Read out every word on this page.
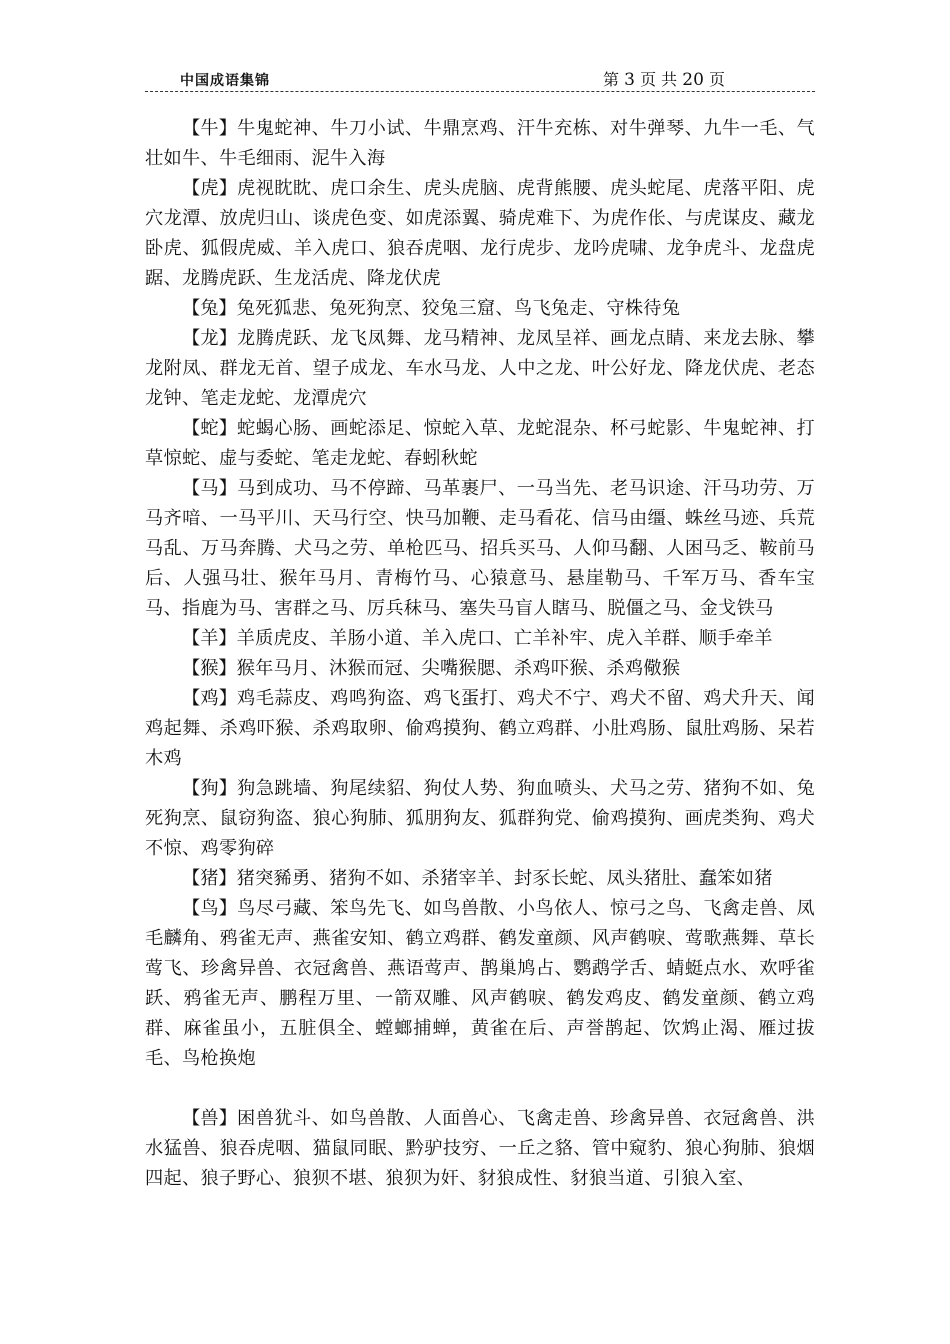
中国成语集锦	第 3 页 共 20 页

【牛】牛鬼蛇神、牛刀小试、牛鼎烹鸡、汗牛充栋、对牛弹琴、九牛一毛、气壮如牛、牛毛细雨、泥牛入海

【虎】虎视眈眈、虎口余生、虎头虎脑、虎背熊腰、虎头蛇尾、虎落平阳、虎穴龙潭、放虎归山、谈虎色变、如虎添翼、骑虎难下、为虎作伥、与虎谋皮、藏龙卧虎、狐假虎威、羊入虎口、狼吞虎咽、龙行虎步、龙吟虎啸、龙争虎斗、龙盘虎踞、龙腾虎跃、生龙活虎、降龙伏虎

【兔】兔死狐悲、兔死狗烹、狡兔三窟、鸟飞兔走、守株待兔

【龙】龙腾虎跃、龙飞凤舞、龙马精神、龙凤呈祥、画龙点睛、来龙去脉、攀龙附凤、群龙无首、望子成龙、车水马龙、人中之龙、叶公好龙、降龙伏虎、老态龙钟、笔走龙蛇、龙潭虎穴

【蛇】蛇蝎心肠、画蛇添足、惊蛇入草、龙蛇混杂、杯弓蛇影、牛鬼蛇神、打草惊蛇、虚与委蛇、笔走龙蛇、春蚓秋蛇

【马】马到成功、马不停蹄、马革裹尸、一马当先、老马识途、汗马功劳、万马齐喑、一马平川、天马行空、快马加鞭、走马看花、信马由缰、蛛丝马迹、兵荒马乱、万马奔腾、犬马之劳、单枪匹马、招兵买马、人仰马翻、人困马乏、鞍前马后、人强马壮、猴年马月、青梅竹马、心猿意马、悬崖勒马、千军万马、香车宝马、指鹿为马、害群之马、厉兵秣马、塞失马盲人瞎马、脱僵之马、金戈铁马

【羊】羊质虎皮、羊肠小道、羊入虎口、亡羊补牢、虎入羊群、顺手牵羊

【猴】猴年马月、沐猴而冠、尖嘴猴腮、杀鸡吓猴、杀鸡儆猴

【鸡】鸡毛蒜皮、鸡鸣狗盗、鸡飞蛋打、鸡犬不宁、鸡犬不留、鸡犬升天、闻鸡起舞、杀鸡吓猴、杀鸡取卵、偷鸡摸狗、鹤立鸡群、小肚鸡肠、鼠肚鸡肠、呆若木鸡

【狗】狗急跳墙、狗尾续貂、狗仗人势、狗血喷头、犬马之劳、猪狗不如、兔死狗烹、鼠窃狗盗、狼心狗肺、狐朋狗友、狐群狗党、偷鸡摸狗、画虎类狗、鸡犬不惊、鸡零狗碎

【猪】猪突豨勇、猪狗不如、杀猪宰羊、封豕长蛇、凤头猪肚、蠢笨如猪

【鸟】鸟尽弓藏、笨鸟先飞、如鸟兽散、小鸟依人、惊弓之鸟、飞禽走兽、凤毛麟角、鸦雀无声、燕雀安知、鹤立鸡群、鹤发童颜、风声鹤唳、莺歌燕舞、草长莺飞、珍禽异兽、衣冠禽兽、燕语莺声、鹊巢鸠占、鹦鹉学舌、蜻蜓点水、欢呼雀跃、鸦雀无声、鹏程万里、一箭双雕、风声鹤唳、鹤发鸡皮、鹤发童颜、鹤立鸡群、麻雀虽小，五脏俱全、螳螂捕蝉，黄雀在后、声誉鹊起、饮鸩止渴、雁过拔毛、鸟枪换炮

【兽】困兽犹斗、如鸟兽散、人面兽心、飞禽走兽、珍禽异兽、衣冠禽兽、洪水猛兽、狼吞虎咽、猫鼠同眠、黔驴技穷、一丘之貉、管中窥豹、狼心狗肺、狼烟四起、狼子野心、狼狈不堪、狼狈为奸、豺狼成性、豺狼当道、引狼入室、
